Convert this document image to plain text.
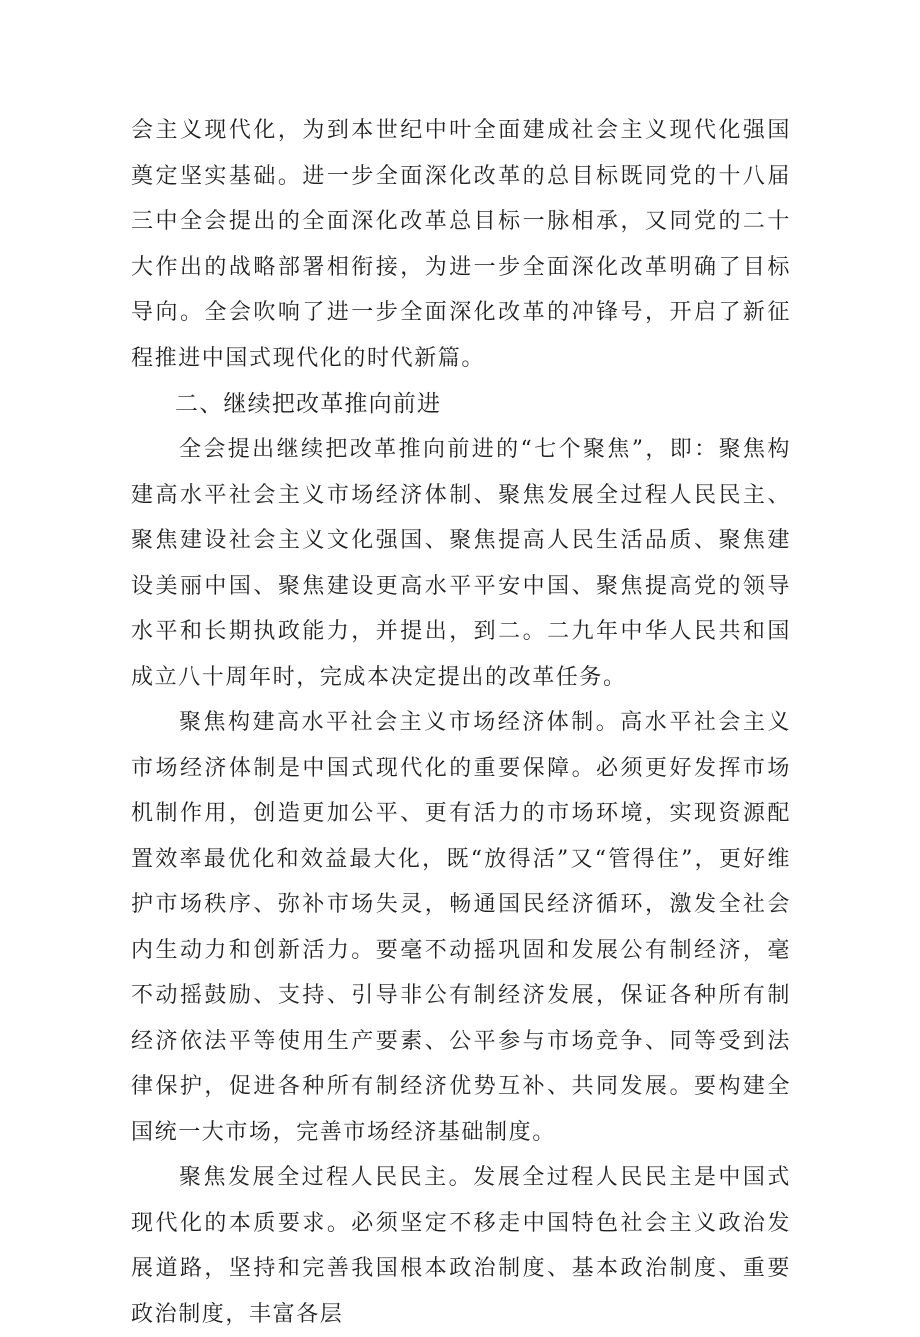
会主义现代化，为到本世纪中叶全面建成社会主义现代化强国奠定坚实基础。进一步全面深化改革的总目标既同党的十八届三中全会提出的全面深化改革总目标一脉相承，又同党的二十大作出的战略部署相衔接，为进一步全面深化改革明确了目标导向。全会吹响了进一步全面深化改革的冲锋号，开启了新征程推进中国式现代化的时代新篇。

二、继续把改革推向前进

全会提出继续把改革推向前进的“七个聚焦”，即：聚焦构建高水平社会主义市场经济体制、聚焦发展全过程人民民主、聚焦建设社会主义文化强国、聚焦提高人民生活品质、聚焦建设美丽中国、聚焦建设更高水平平安中国、聚焦提高党的领导水平和长期执政能力，并提出，到二。二九年中华人民共和国成立八十周年时，完成本决定提出的改革任务。

聚焦构建高水平社会主义市场经济体制。高水平社会主义市场经济体制是中国式现代化的重要保障。必须更好发挥市场机制作用，创造更加公平、更有活力的市场环境，实现资源配置效率最优化和效益最大化，既“放得活”又“管得住”，更好维护市场秩序、弥补市场失灵，畅通国民经济循环，激发全社会内生动力和创新活力。要毫不动摇巩固和发展公有制经济，毫不动摇鼓励、支持、引导非公有制经济发展，保证各种所有制经济依法平等使用生产要素、公平参与市场竞争、同等受到法律保护，促进各种所有制经济优势互补、共同发展。要构建全国统一大市场，完善市场经济基础制度。

聚焦发展全过程人民民主。发展全过程人民民主是中国式现代化的本质要求。必须坚定不移走中国特色社会主义政治发展道路，坚持和完善我国根本政治制度、基本政治制度、重要政治制度，丰富各层
